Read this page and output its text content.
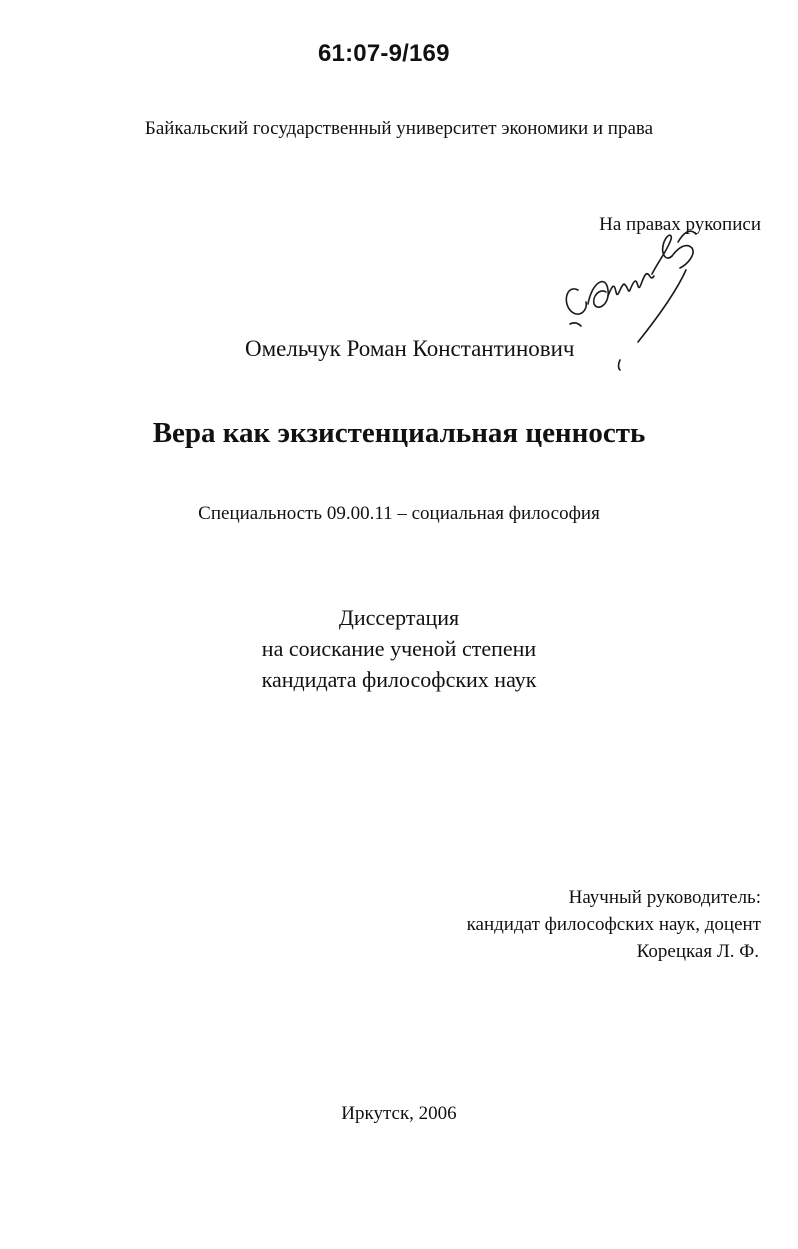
61:07-9/169
Байкальский государственный университет экономики и права
На правах рукописи
Омельчук Роман Константинович
Вера как экзистенциальная ценность
Специальность 09.00.11 – социальная философия
Диссертация
на соискание ученой степени
кандидата философских наук
Научный руководитель:
кандидат философских наук, доцент
Корецкая Л. Ф.
Иркутск, 2006
